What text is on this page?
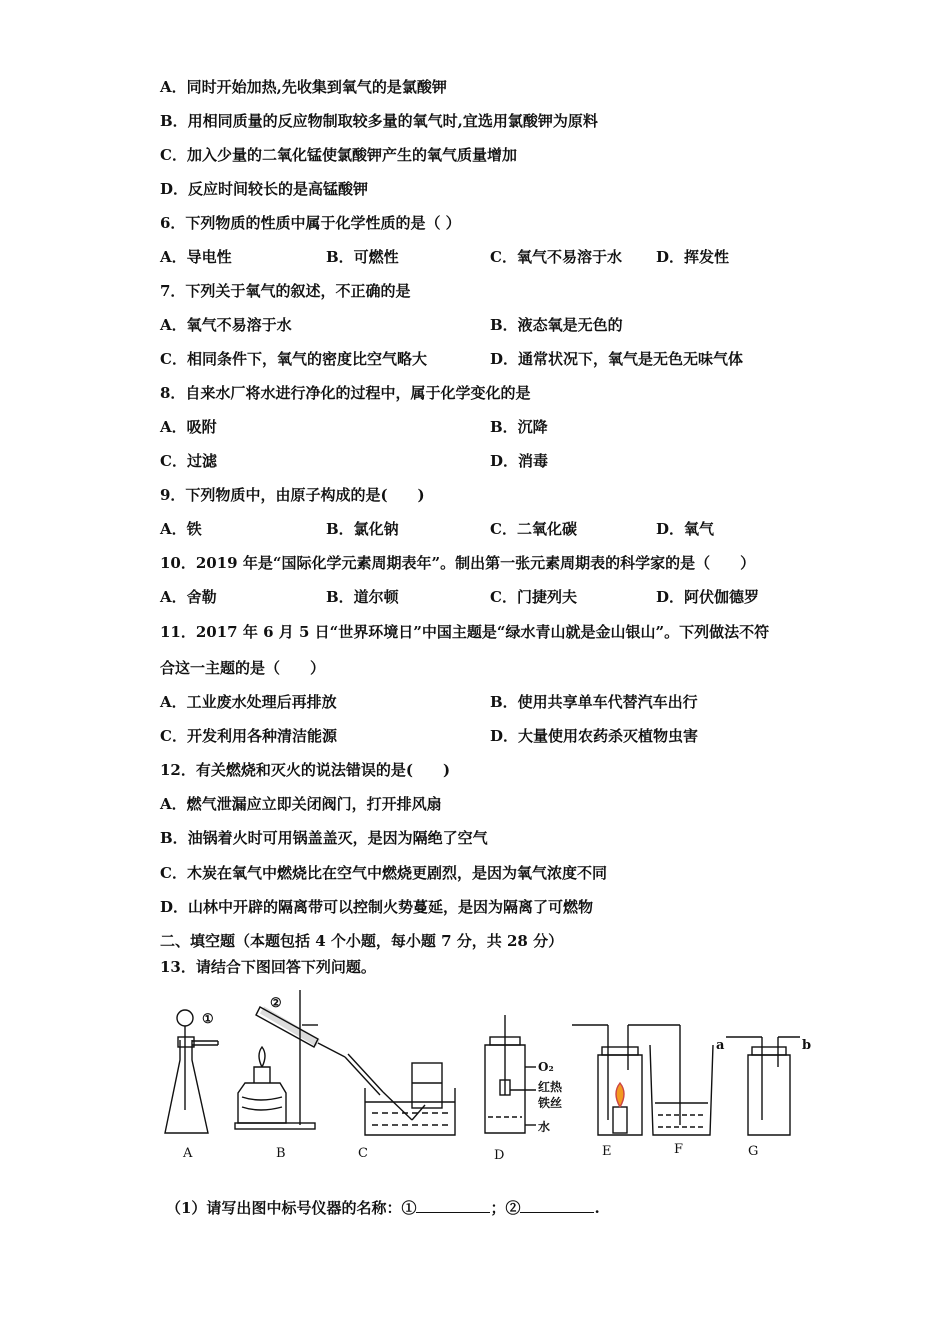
A．同时开始加热,先收集到氧气的是氯酸钾
B．用相同质量的反应物制取较多量的氧气时,宜选用氯酸钾为原料
C．加入少量的二氧化锰使氯酸钾产生的氧气质量增加
D．反应时间较长的是高锰酸钾
6．下列物质的性质中属于化学性质的是（ ）
A．导电性	B．可燃性	C．氧气不易溶于水 D．挥发性
7．下列关于氧气的叙述，不正确的是
A．氧气不易溶于水	B．液态氧是无色的
C．相同条件下，氧气的密度比空气略大	D．通常状况下，氧气是无色无味气体
8．自来水厂将水进行净化的过程中，属于化学变化的是
A．吸附	B．沉降
C．过滤	D．消毒
9．下列物质中，由原子构成的是(　　)
A．铁	B．氯化钠	C．二氧化碳	D．氧气
10．2019 年是“国际化学元素周期表年”。制出第一张元素周期表的科学家的是（　　）
A．舍勒	B．道尔顿	C．门捷列夫	D．阿伏伽德罗
11．2017 年 6 月 5 日“世界环境日”中国主题是“绿水青山就是金山银山”。下列做法不符
合这一主题的是（　　）
A．工业废水处理后再排放	B．使用共享单车代替汽车出行
C．开发利用各种清洁能源	D．大量使用农药杀灭植物虫害
12．有关燃烧和灭火的说法错误的是(　　)
A．燃气泄漏应立即关闭阀门，打开排风扇
B．油锅着火时可用锅盖盖灭，是因为隔绝了空气
C．木炭在氧气中燃烧比在空气中燃烧更剧烈，是因为氧气浓度不同
D．山林中开辟的隔离带可以控制火势蔓延，是因为隔离了可燃物
二、填空题（本题包括 4 个小题，每小题 7 分，共 28 分）
13．请结合下图回答下列问题。
①
②
O₂
红热
铁丝
水
a	b
A	B	C	D	E	F	G
（1）请写出图中标号仪器的名称：①	；②	.
